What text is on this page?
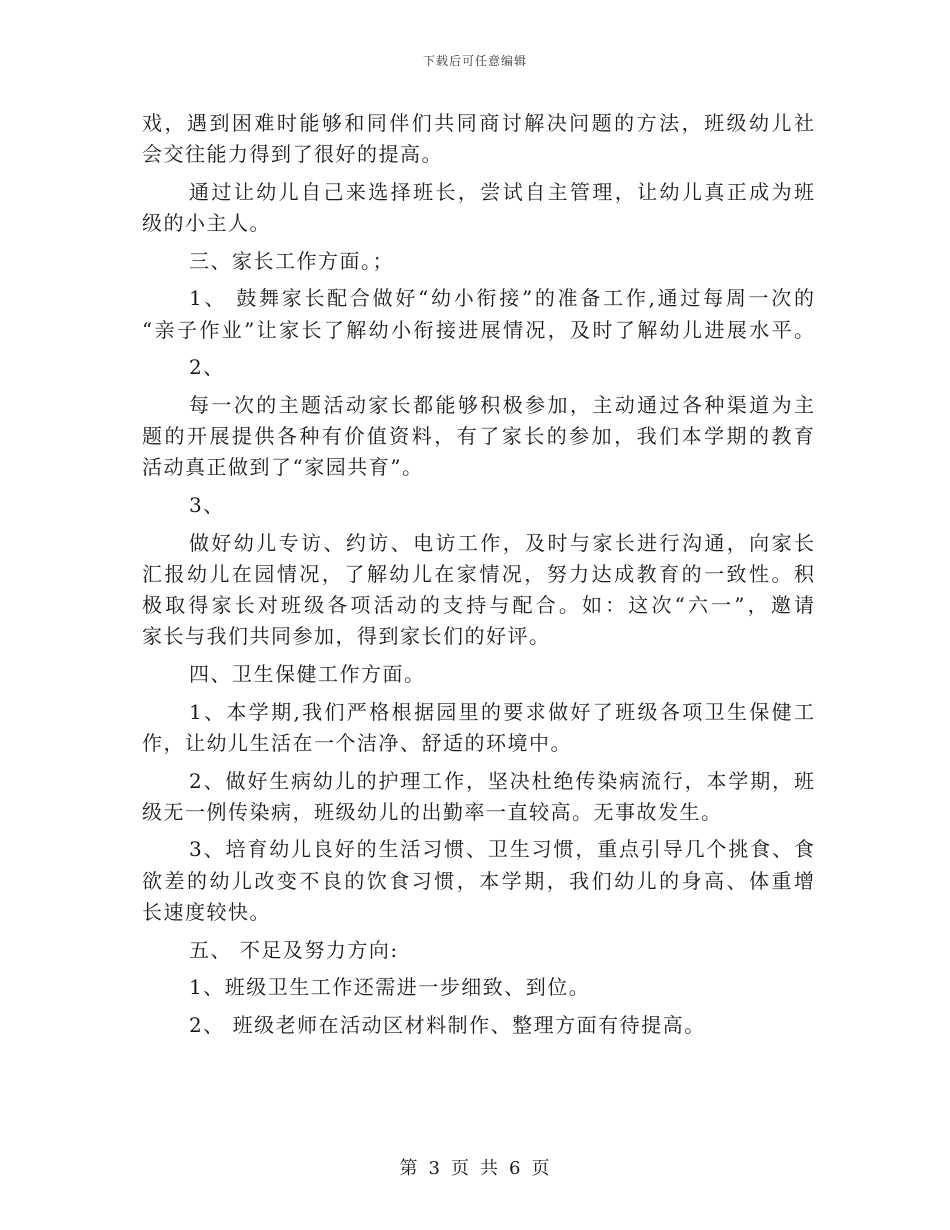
下载后可任意编辑
戏，遇到困难时能够和同伴们共同商讨解决问题的方法，班级幼儿社
会交往能力得到了很好的提高。
通过让幼儿自己来选择班长，尝试自主管理，让幼儿真正成为班
级的小主人。
三、家长工作方面。；
1、 鼓舞家长配合做好“幼小衔接”的准备工作,通过每周一次的
“亲子作业”让家长了解幼小衔接进展情况，及时了解幼儿进展水平。
2、
每一次的主题活动家长都能够积极参加，主动通过各种渠道为主
题的开展提供各种有价值资料，有了家长的参加，我们本学期的教育
活动真正做到了“家园共育”。
3、
做好幼儿专访、约访、电访工作，及时与家长进行沟通，向家长
汇报幼儿在园情况，了解幼儿在家情况，努力达成教育的一致性。积
极取得家长对班级各项活动的支持与配合。如：这次“六一”，邀请
家长与我们共同参加，得到家长们的好评。
四、卫生保健工作方面。
1、本学期,我们严格根据园里的要求做好了班级各项卫生保健工
作，让幼儿生活在一个洁净、舒适的环境中。
2、做好生病幼儿的护理工作，坚决杜绝传染病流行，本学期，班
级无一例传染病，班级幼儿的出勤率一直较高。无事故发生。
3、培育幼儿良好的生活习惯、卫生习惯，重点引导几个挑食、食
欲差的幼儿改变不良的饮食习惯，本学期，我们幼儿的身高、体重增
长速度较快。
五、 不足及努力方向:
1、班级卫生工作还需进一步细致、到位。
2、 班级老师在活动区材料制作、整理方面有待提高。
第 3 页 共 6 页
